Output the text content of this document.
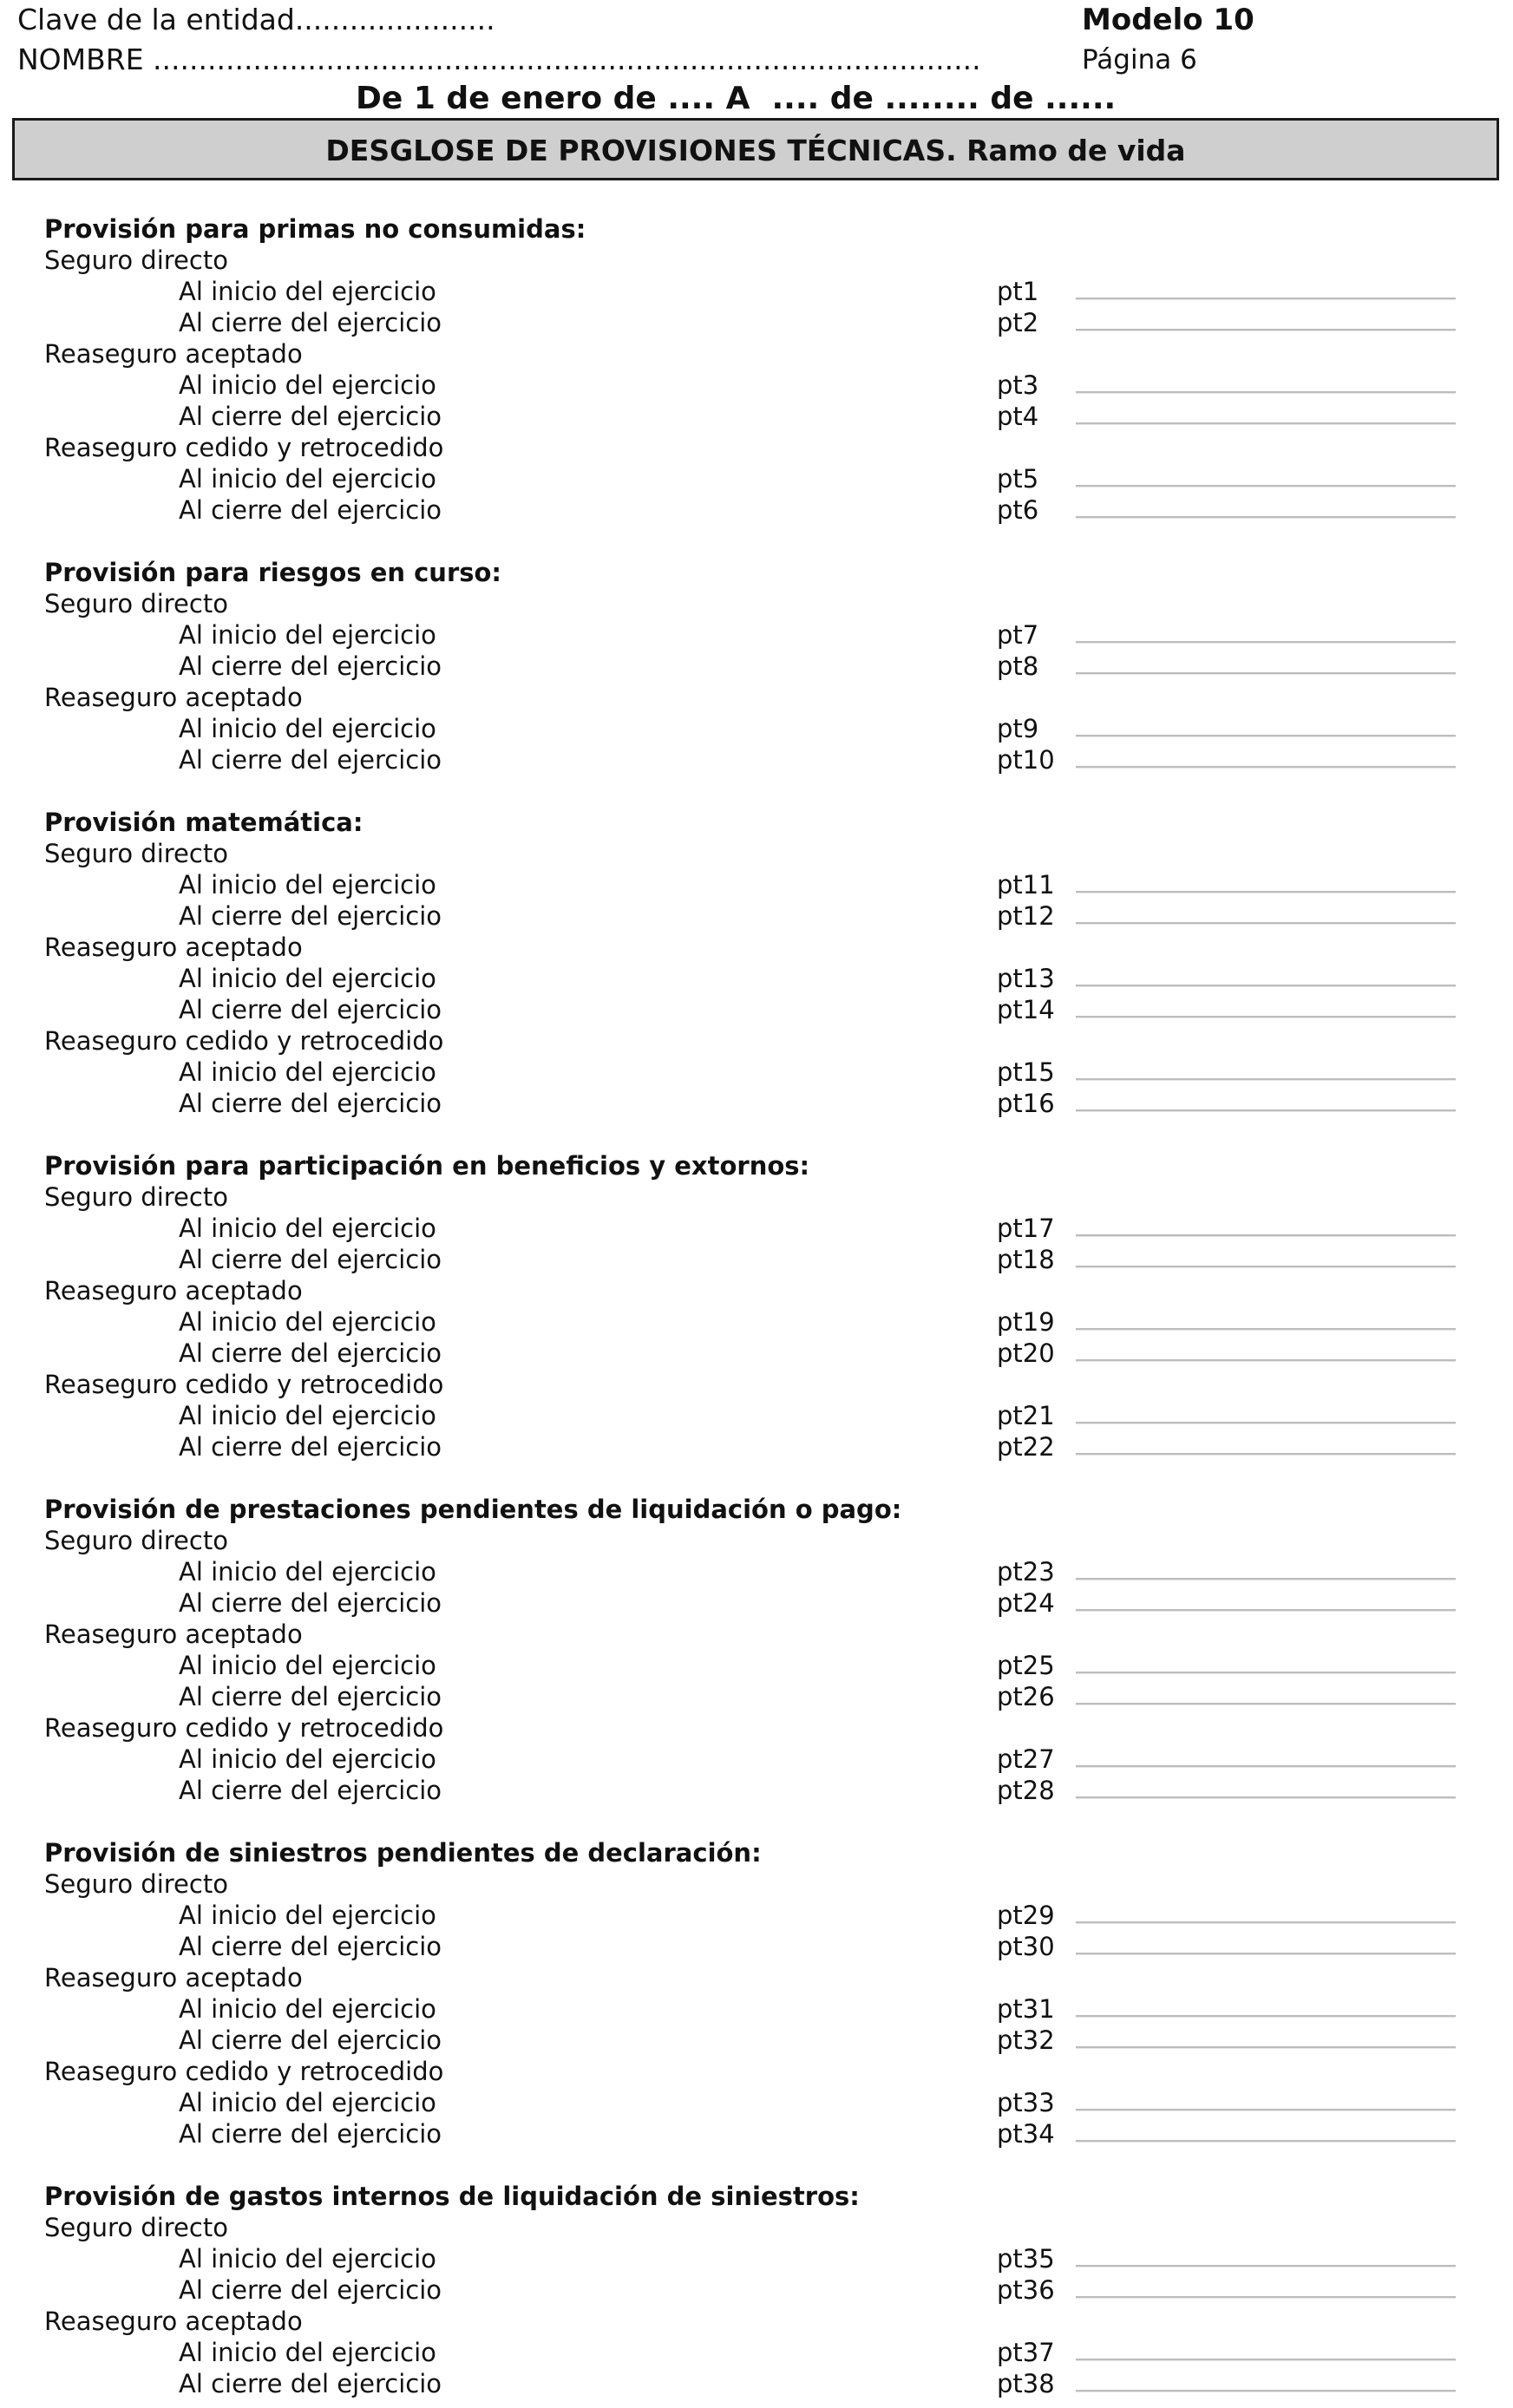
Clave de la entidad......................	Modelo 10
NOMBRE ...........................................................................................	Página 6
De 1 de enero de .... A  .... de ........ de ......
DESGLOSE DE PROVISIONES TÉCNICAS. Ramo de vida
Provisión para primas no consumidas:
Seguro directo
Al inicio del ejercicio	pt1
Al cierre del ejercicio	pt2
Reaseguro aceptado
Al inicio del ejercicio	pt3
Al cierre del ejercicio	pt4
Reaseguro cedido y retrocedido
Al inicio del ejercicio	pt5
Al cierre del ejercicio	pt6
Provisión para riesgos en curso:
Seguro directo
Al inicio del ejercicio	pt7
Al cierre del ejercicio	pt8
Reaseguro aceptado
Al inicio del ejercicio	pt9
Al cierre del ejercicio	pt10
Provisión matemática:
Seguro directo
Al inicio del ejercicio	pt11
Al cierre del ejercicio	pt12
Reaseguro aceptado
Al inicio del ejercicio	pt13
Al cierre del ejercicio	pt14
Reaseguro cedido y retrocedido
Al inicio del ejercicio	pt15
Al cierre del ejercicio	pt16
Provisión para participación en beneficios y extornos:
Seguro directo
Al inicio del ejercicio	pt17
Al cierre del ejercicio	pt18
Reaseguro aceptado
Al inicio del ejercicio	pt19
Al cierre del ejercicio	pt20
Reaseguro cedido y retrocedido
Al inicio del ejercicio	pt21
Al cierre del ejercicio	pt22
Provisión de prestaciones pendientes de liquidación o pago:
Seguro directo
Al inicio del ejercicio	pt23
Al cierre del ejercicio	pt24
Reaseguro aceptado
Al inicio del ejercicio	pt25
Al cierre del ejercicio	pt26
Reaseguro cedido y retrocedido
Al inicio del ejercicio	pt27
Al cierre del ejercicio	pt28
Provisión de siniestros pendientes de declaración:
Seguro directo
Al inicio del ejercicio	pt29
Al cierre del ejercicio	pt30
Reaseguro aceptado
Al inicio del ejercicio	pt31
Al cierre del ejercicio	pt32
Reaseguro cedido y retrocedido
Al inicio del ejercicio	pt33
Al cierre del ejercicio	pt34
Provisión de gastos internos de liquidación de siniestros:
Seguro directo
Al inicio del ejercicio	pt35
Al cierre del ejercicio	pt36
Reaseguro aceptado
Al inicio del ejercicio	pt37
Al cierre del ejercicio	pt38
